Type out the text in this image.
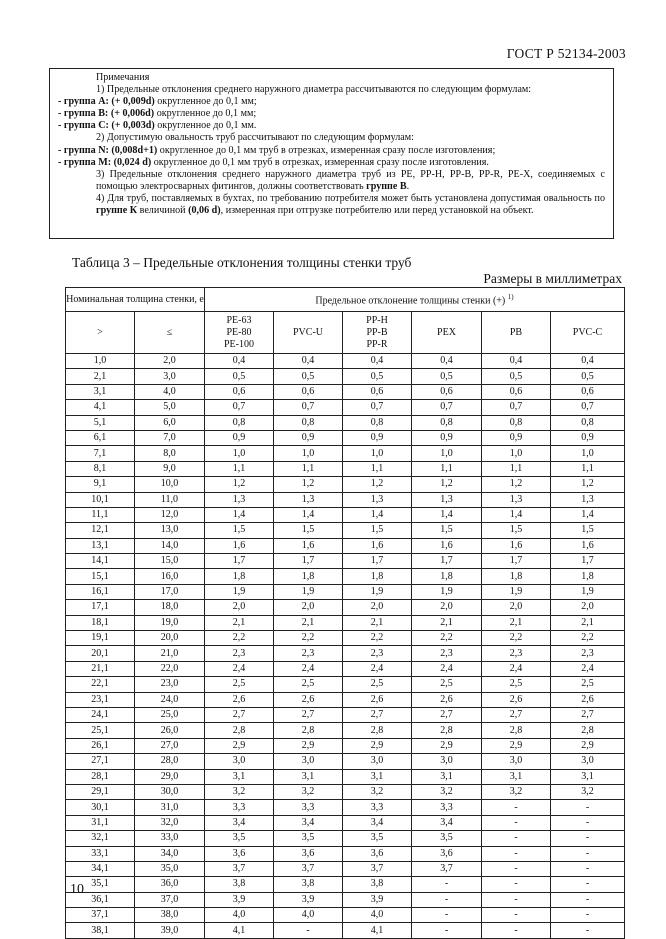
ГОСТ Р 52134-2003

Примечания

1) Предельные отклонения среднего наружного диаметра рассчитываются по следующим формулам:

- группа А: (+ 0,009d) округленное до 0,1 мм;

- группа В: (+ 0,006d) округленное до 0,1 мм;

- группа С: (+ 0,003d) округленное до 0,1 мм.

2) Допустимую овальность труб рассчитывают по следующим формулам:

- группа N: (0,008d+1) округленное до 0,1 мм труб в отрезках, измеренная сразу после изготовления;

- группа М: (0,024 d) округленное до 0,1 мм труб в отрезках, измеренная сразу после изготовления.

3) Предельные отклонения среднего наружного диаметра труб из РЕ, РР-Н, РР-В, РР-R, РЕ-Х, соединяемых с помощью электросварных фитингов, должны соответствовать группе В.

4) Для труб, поставляемых в бухтах, по требованию потребителя может быть установлена допустимая овальность по группе К величиной (0,06 d), измеренная при отгрузке потребителю или перед установкой на объект.

Таблица 3 – Предельные отклонения толщины стенки труб
Размеры в миллиметрах
Номинальная толщина стенки, e		Предельное отклонение толщины стенки (+) $^{1)}$
>	≤	PE-63 PE-80 PE-100	PVC-U	PP-H PP-B PP-R	PEX	PB	PVC-C
1,0	2,0	0,4	0,4	0,4	0,4	0,4	0,4
2,1	3,0	0,5	0,5	0,5	0,5	0,5	0,5
3,1	4,0	0,6	0,6	0,6	0,6	0,6	0,6
4,1	5,0	0,7	0,7	0,7	0,7	0,7	0,7
5,1	6,0	0,8	0,8	0,8	0,8	0,8	0,8
6,1	7,0	0,9	0,9	0,9	0,9	0,9	0,9
7,1	8,0	1,0	1,0	1,0	1,0	1,0	1,0
8,1	9,0	1,1	1,1	1,1	1,1	1,1	1,1
9,1	10,0	1,2	1,2	1,2	1,2	1,2	1,2
10,1	11,0	1,3	1,3	1,3	1,3	1,3	1,3
11,1	12,0	1,4	1,4	1,4	1,4	1,4	1,4
12,1	13,0	1,5	1,5	1,5	1,5	1,5	1,5
13,1	14,0	1,6	1,6	1,6	1,6	1,6	1,6
14,1	15,0	1,7	1,7	1,7	1,7	1,7	1,7
15,1	16,0	1,8	1,8	1,8	1,8	1,8	1,8
16,1	17,0	1,9	1,9	1,9	1,9	1,9	1,9
17,1	18,0	2,0	2,0	2,0	2,0	2,0	2,0
18,1	19,0	2,1	2,1	2,1	2,1	2,1	2,1
19,1	20,0	2,2	2,2	2,2	2,2	2,2	2,2
20,1	21,0	2,3	2,3	2,3	2,3	2,3	2,3
21,1	22,0	2,4	2,4	2,4	2,4	2,4	2,4
22,1	23,0	2,5	2,5	2,5	2,5	2,5	2,5
23,1	24,0	2,6	2,6	2,6	2,6	2,6	2,6
24,1	25,0	2,7	2,7	2,7	2,7	2,7	2,7
25,1	26,0	2,8	2,8	2,8	2,8	2,8	2,8
26,1	27,0	2,9	2,9	2,9	2,9	2,9	2,9
27,1	28,0	3,0	3,0	3,0	3,0	3,0	3,0
28,1	29,0	3,1	3,1	3,1	3,1	3,1	3,1
29,1	30,0	3,2	3,2	3,2	3,2	3,2	3,2
30,1	31,0	3,3	3,3	3,3	3,3	-	-
31,1	32,0	3,4	3,4	3,4	3,4	-	-
32,1	33,0	3,5	3,5	3,5	3,5	-	-
33,1	34,0	3,6	3,6	3,6	3,6	-	-
34,1	35,0	3,7	3,7	3,7	3,7	-	-
35,1	36,0	3,8	3,8	3,8	-	-	-
36,1	37,0	3,9	3,9	3,9	-	-	-
37,1	38,0	4,0	4,0	4,0	-	-	-
38,1	39,0	4,1	-	4,1	-	-	-
10
